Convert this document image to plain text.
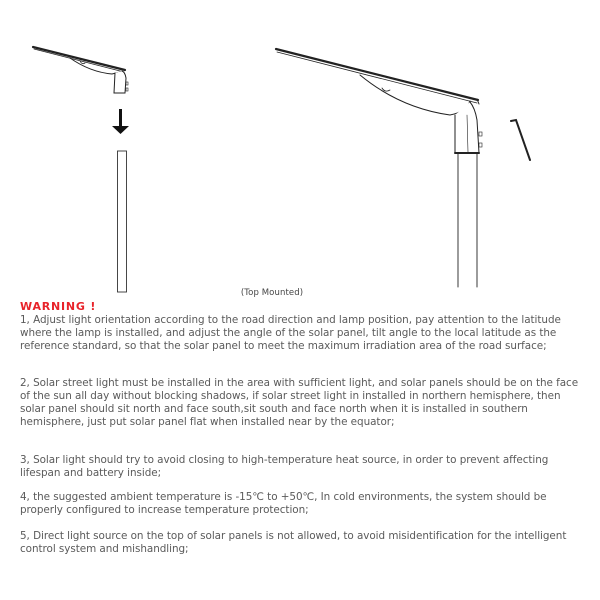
(Top Mounted)
WARNING !
1, Adjust light orientation according to the road direction and lamp position, pay attention to the latitude where the lamp is installed, and adjust the angle of the solar panel, tilt angle to the local latitude as the reference standard, so that the solar panel to meet the maximum irradiation area of the road surface;
2, Solar street light must be installed in the area with sufficient light, and solar panels should be on the face of the sun all day without blocking shadows, if solar street light in installed in northern hemisphere, then solar panel should sit north and face south,sit south and face north when it is installed in southern hemisphere, just put solar panel flat when installed near by the equator;
3, Solar light should try to avoid closing to high-temperature heat source, in order to prevent affecting lifespan and battery inside;
4, the suggested ambient temperature is -15℃ to +50℃, In cold environments, the system should be properly configured to increase temperature protection;
5, Direct light source on the top of solar panels is not allowed, to avoid misidentification for the intelligent control system and mishandling;
